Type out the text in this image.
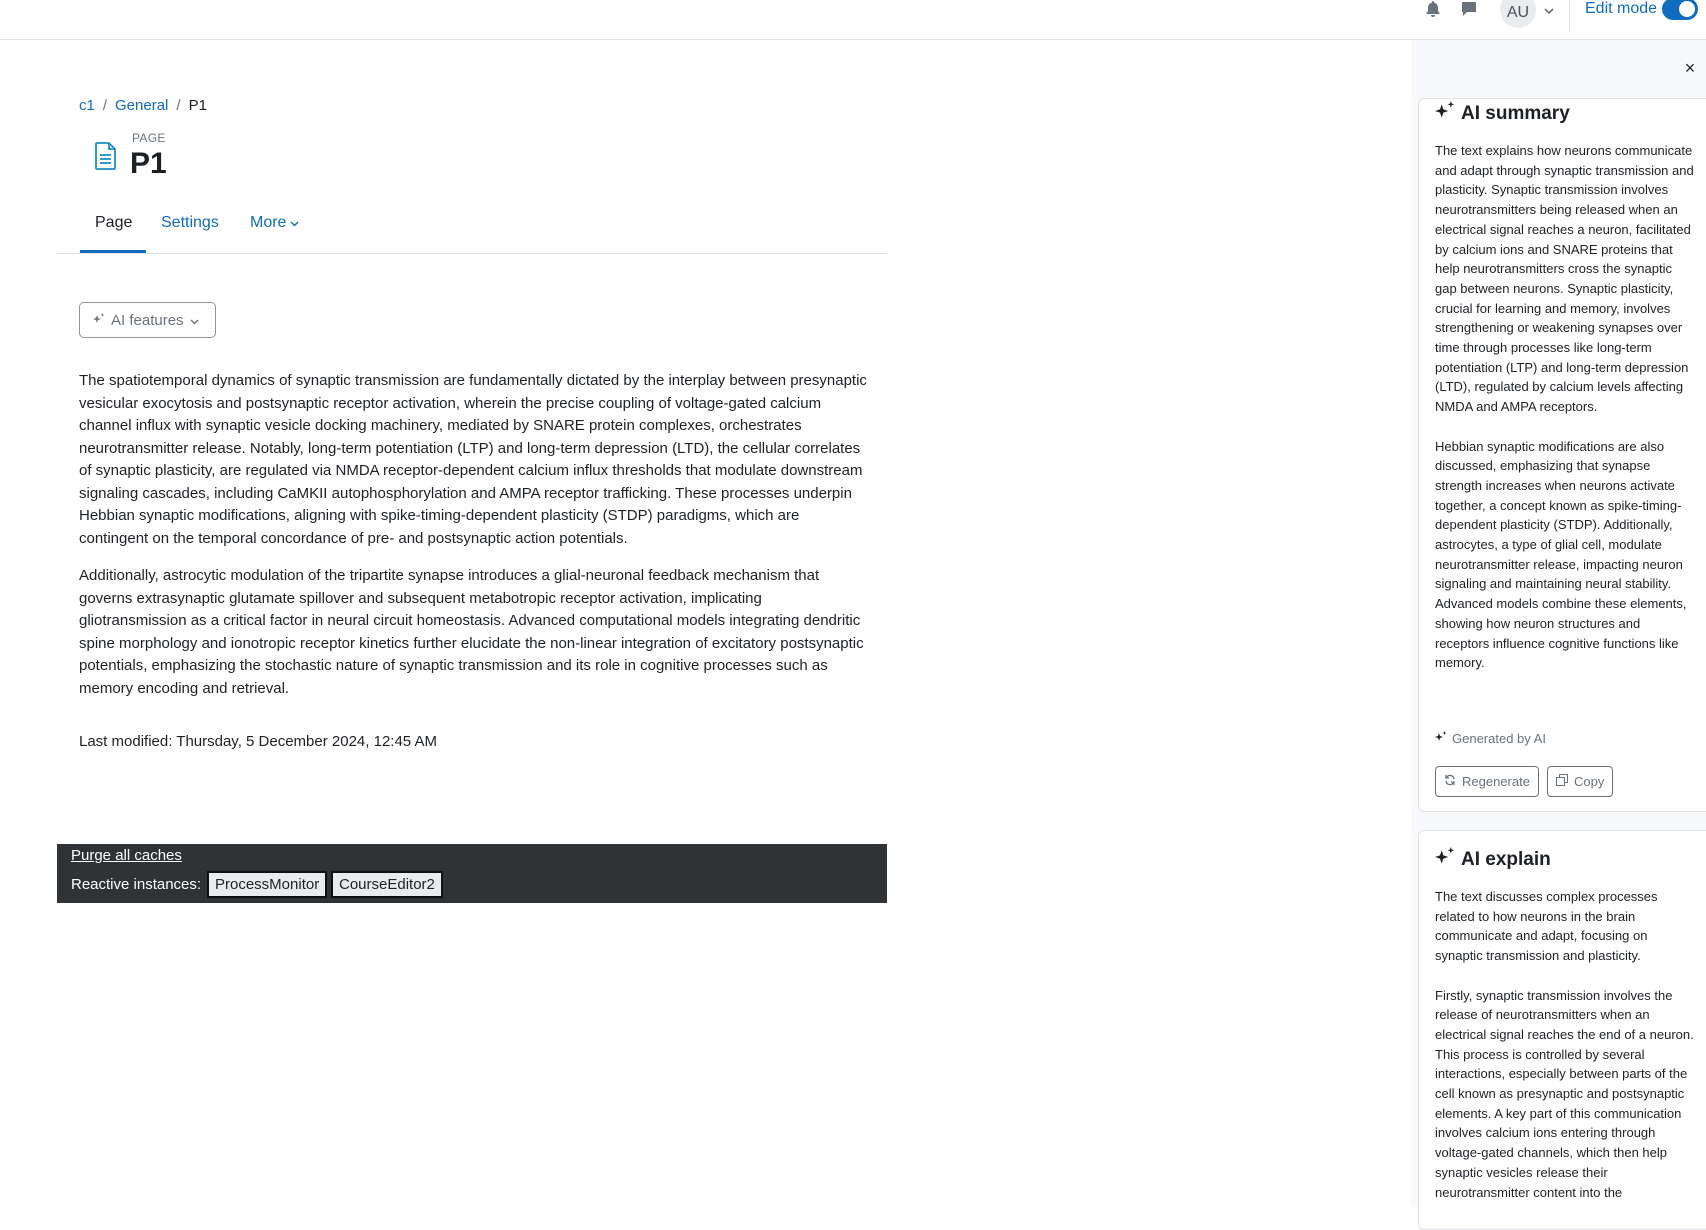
AU	Edit mode
c1 / General / P1
PAGE
P1
Page Settings More
AI features

The spatiotemporal dynamics of synaptic transmission are fundamentally dictated by the interplay between presynaptic vesicular exocytosis and postsynaptic receptor activation, wherein the precise coupling of voltage-gated calcium channel influx with synaptic vesicle docking machinery, mediated by SNARE protein complexes, orchestrates neurotransmitter release. Notably, long-term potentiation (LTP) and long-term depression (LTD), the cellular correlates of synaptic plasticity, are regulated via NMDA receptor-dependent calcium influx thresholds that modulate downstream signaling cascades, including CaMKII autophosphorylation and AMPA receptor trafficking. These processes underpin Hebbian synaptic modifications, aligning with spike-timing-dependent plasticity (STDP) paradigms, which are contingent on the temporal concordance of pre- and postsynaptic action potentials.

Additionally, astrocytic modulation of the tripartite synapse introduces a glial-neuronal feedback mechanism that governs extrasynaptic glutamate spillover and subsequent metabotropic receptor activation, implicating gliotransmission as a critical factor in neural circuit homeostasis. Advanced computational models integrating dendritic spine morphology and ionotropic receptor kinetics further elucidate the non-linear integration of excitatory postsynaptic potentials, emphasizing the stochastic nature of synaptic transmission and its role in cognitive processes such as memory encoding and retrieval.

Last modified: Thursday, 5 December 2024, 12:45 AM
Purge all caches
Reactive instances: ProcessMonitor	CourseEditor2
×
AI summary

The text explains how neurons communicate and adapt through synaptic transmission and plasticity. Synaptic transmission involves neurotransmitters being released when an electrical signal reaches a neuron, facilitated by calcium ions and SNARE proteins that help neurotransmitters cross the synaptic gap between neurons. Synaptic plasticity, crucial for learning and memory, involves strengthening or weakening synapses over time through processes like long-term potentiation (LTP) and long-term depression (LTD), regulated by calcium levels affecting NMDA and AMPA receptors.

Hebbian synaptic modifications are also discussed, emphasizing that synapse strength increases when neurons activate together, a concept known as spike-timing-dependent plasticity (STDP). Additionally, astrocytes, a type of glial cell, modulate neurotransmitter release, impacting neuron signaling and maintaining neural stability. Advanced models combine these elements, showing how neuron structures and receptors influence cognitive functions like memory.

Generated by AI
Regenerate	Copy
AI explain

The text discusses complex processes related to how neurons in the brain communicate and adapt, focusing on synaptic transmission and plasticity.

Firstly, synaptic transmission involves the release of neurotransmitters when an electrical signal reaches the end of a neuron. This process is controlled by several interactions, especially between parts of the cell known as presynaptic and postsynaptic elements. A key part of this communication involves calcium ions entering through voltage-gated channels, which then help synaptic vesicles release their neurotransmitter content into the
